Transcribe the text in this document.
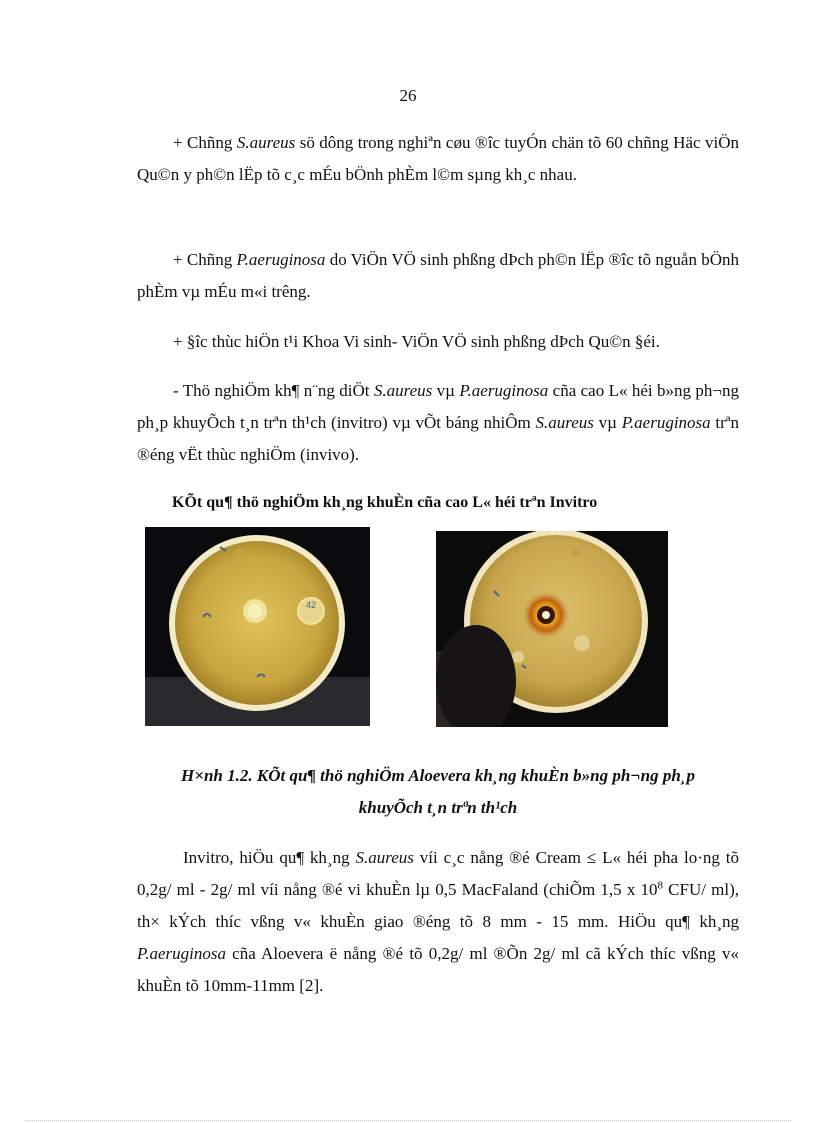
26

+ Chñng S.aureus sö dông trong nghiªn cøu ®îc tuyÓn chän tõ 60 chñng Häc viÖn Qu©n y ph©n lËp tõ c¸c mÉu bÖnh phÈm l©m sµng kh¸c nhau.

+ Chñng P.aeruginosa do ViÖn VÖ sinh phßng dÞch ph©n lËp ®îc tõ nguån bÖnh phÈm vµ mÉu m«i trêng.

+ §îc thùc hiÖn t¹i Khoa Vi sinh- ViÖn VÖ sinh phßng dÞch Qu©n §éi.

- Thö nghiÖm kh¶ n¨ng diÖt S.aureus vµ P.aeruginosa cña cao L« héi b»ng ph¬ng ph¸p khuyÕch t¸n trªn th¹ch (invitro) vµ vÕt báng nhiÔm S.aureus vµ P.aeruginosa trªn ®éng vËt thùc nghiÖm (invivo).

KÕt qu¶ thö nghiÖm kh¸ng khuÈn cña cao L« héi trªn Invitro
42
H×nh 1.2. KÕt qu¶ thö nghiÖm Aloevera kh¸ng khuÈn b»ng ph¬ng ph¸p
khuyÕch t¸n trªn th¹ch

Invitro, hiÖu qu¶ kh¸ng S.aureus víi c¸c nång ®é Cream ≤ L« héi pha lo·ng tõ 0,2g/ ml - 2g/ ml víi nång ®é vi khuÈn lµ 0,5 MacFaland (chiÕm 1,5 x $10^8$ CFU/ ml), th× kÝch thíc vßng v« khuÈn giao ®éng tõ 8 mm - 15 mm. HiÖu qu¶ kh¸ng P.aeruginosa cña Aloevera ë nång ®é tõ 0,2g/ ml ®Õn 2g/ ml cã kÝch thíc vßng v« khuÈn tõ 10mm-11mm [2].
